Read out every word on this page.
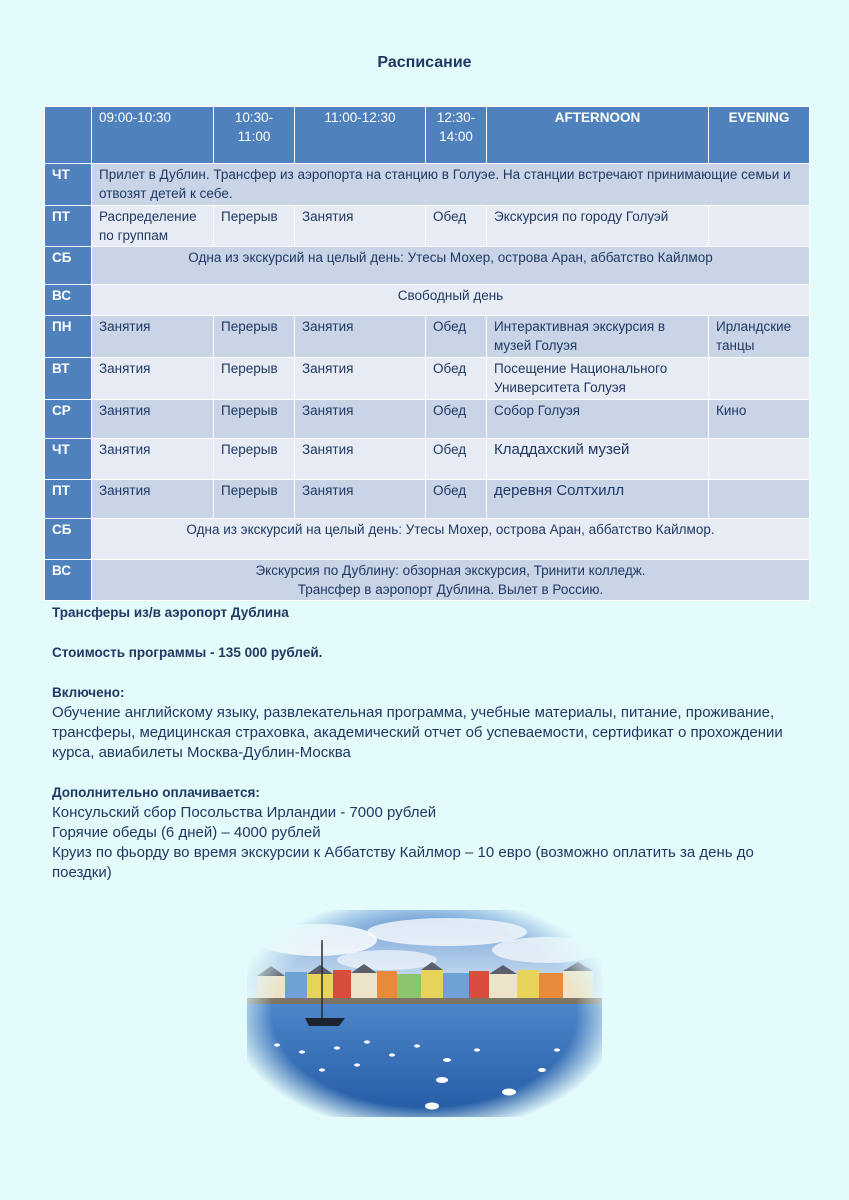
Расписание
	09:00-10:30	10:30-11:00	11:00-12:30	12:30-14:00	AFTERNOON	EVENING
ЧТ	Прилет в Дублин. Трансфер из аэропорта на станцию в Голуэе. На станции встречают принимающие семьи и отвозят детей к себе.					
ПТ	Распределение по группам	Перерыв	Занятия	Обед	Экскурсия по городу Голуэй	
СБ	Одна из экскурсий на целый день: Утесы Мохер, острова Аран, аббатство Кайлмор					
ВС	Свободный день					
ПН	Занятия	Перерыв	Занятия	Обед	Интерактивная экскурсия в музей Голуэя	Ирландские танцы
ВТ	Занятия	Перерыв	Занятия	Обед	Посещение Национального Университета Голуэя	
СР	Занятия	Перерыв	Занятия	Обед	Собор Голуэя	Кино
ЧТ	Занятия	Перерыв	Занятия	Обед	Кладдахский музей	
ПТ	Занятия	Перерыв	Занятия	Обед	деревня Солтхилл	
СБ	Одна из экскурсий на целый день: Утесы Мохер, острова Аран, аббатство Кайлмор.					
ВС	Экскурсия по Дублину: обзорная экскурсия, Тринити колледж.
Трансфер в аэропорт Дублина. Вылет в Россию.					

Трансферы из/в аэропорт Дублина

Стоимость программы - 135 000 рублей.

Включено:

Обучение английскому языку, развлекательная программа, учебные материалы, питание, проживание, трансферы, медицинская страховка, академический отчет об успеваемости, сертификат о прохождении курса, авиабилеты Москва-Дублин-Москва

Дополнительно оплачивается:

Консульский сбор Посольства Ирландии - 7000 рублей

Горячие обеды (6 дней) – 4000 рублей

Круиз по фьорду во время экскурсии к Аббатству Кайлмор – 10 евро (возможно оплатить за день до поездки)
